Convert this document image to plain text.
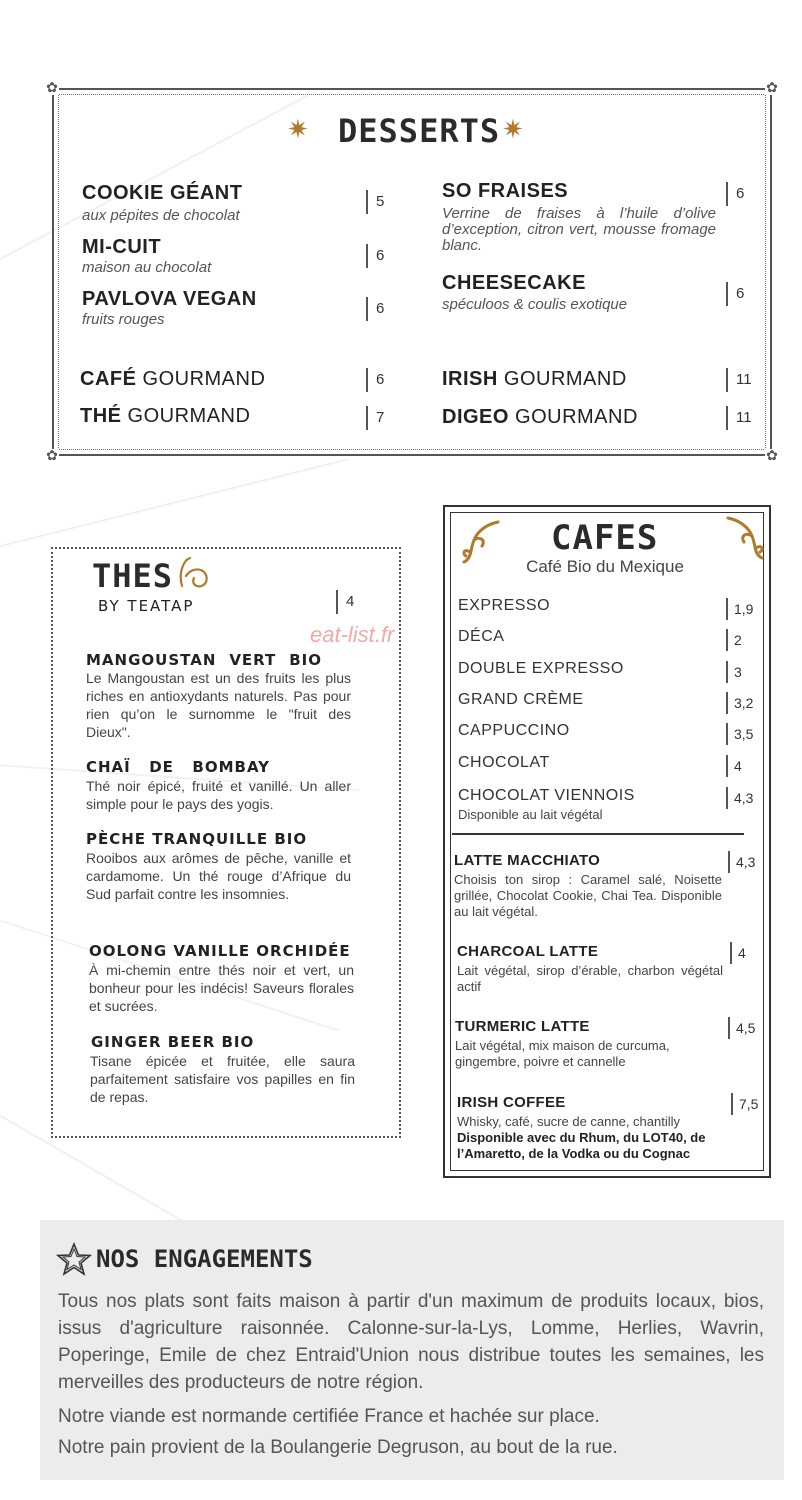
✿	✿
✿	✿
✷ DESSERTS ✷
COOKIE GÉANT
aux pépites de chocolat
5
MI-CUIT
maison au chocolat
6
PAVLOVA VEGAN
fruits rouges
6
SO FRAISES
Verrine de fraises à l’huile d’olive d’exception, citron vert, mousse fromage blanc.
6
CHEESECAKE
spéculoos & coulis exotique
6
CAFÉ GOURMAND	6
THÉ GOURMAND	7
IRISH GOURMAND	11
DIGEO GOURMAND	11
THES
BY TEATAP	4
eat-list.fr
MANGOUSTAN VERT BIO
Le Mangoustan est un des fruits les plus riches en antioxydants naturels. Pas pour rien qu’on le surnomme le "fruit des Dieux".
CHAÏ DE BOMBAY
Thé noir épicé, fruité et vanillé. Un aller simple pour le pays des yogis.
PÈCHE TRANQUILLE BIO
Rooibos aux arômes de pêche, vanille et cardamome. Un thé rouge d’Afrique du Sud parfait contre les insomnies.
OOLONG VANILLE ORCHIDÉE
À mi-chemin entre thés noir et vert, un bonheur pour les indécis! Saveurs florales et sucrées.
GINGER BEER BIO
Tisane épicée et fruitée, elle saura parfaitement satisfaire vos papilles en fin de repas.
CAFES
Café Bio du Mexique
EXPRESSO	1,9
DÉCA	2
DOUBLE EXPRESSO	3
GRAND CRÈME	3,2
CAPPUCCINO	3,5
CHOCOLAT	4
CHOCOLAT VIENNOIS	4,3
Disponible au lait végétal
LATTE MACCHIATO	4,3
Choisis ton sirop : Caramel salé, Noisette grillée, Chocolat Cookie, Chai Tea. Disponible au lait végétal.
CHARCOAL LATTE	4
Lait végétal, sirop d’érable, charbon végétal actif
TURMERIC LATTE	4,5
Lait végétal, mix maison de curcuma, gingembre, poivre et cannelle
IRISH COFFEE	7,5
Whisky, café, sucre de canne, chantilly
Disponible avec du Rhum, du LOT40, de l’Amaretto, de la Vodka ou du Cognac
NOS ENGAGEMENTS
Tous nos plats sont faits maison à partir d'un maximum de produits locaux, bios, issus d'agriculture raisonnée. Calonne-sur-la-Lys, Lomme, Herlies, Wavrin, Poperinge, Emile de chez Entraid'Union nous distribue toutes les semaines, les merveilles des producteurs de notre région.
Notre viande est normande certifiée France et hachée sur place.
Notre pain provient de la Boulangerie Degruson, au bout de la rue.
